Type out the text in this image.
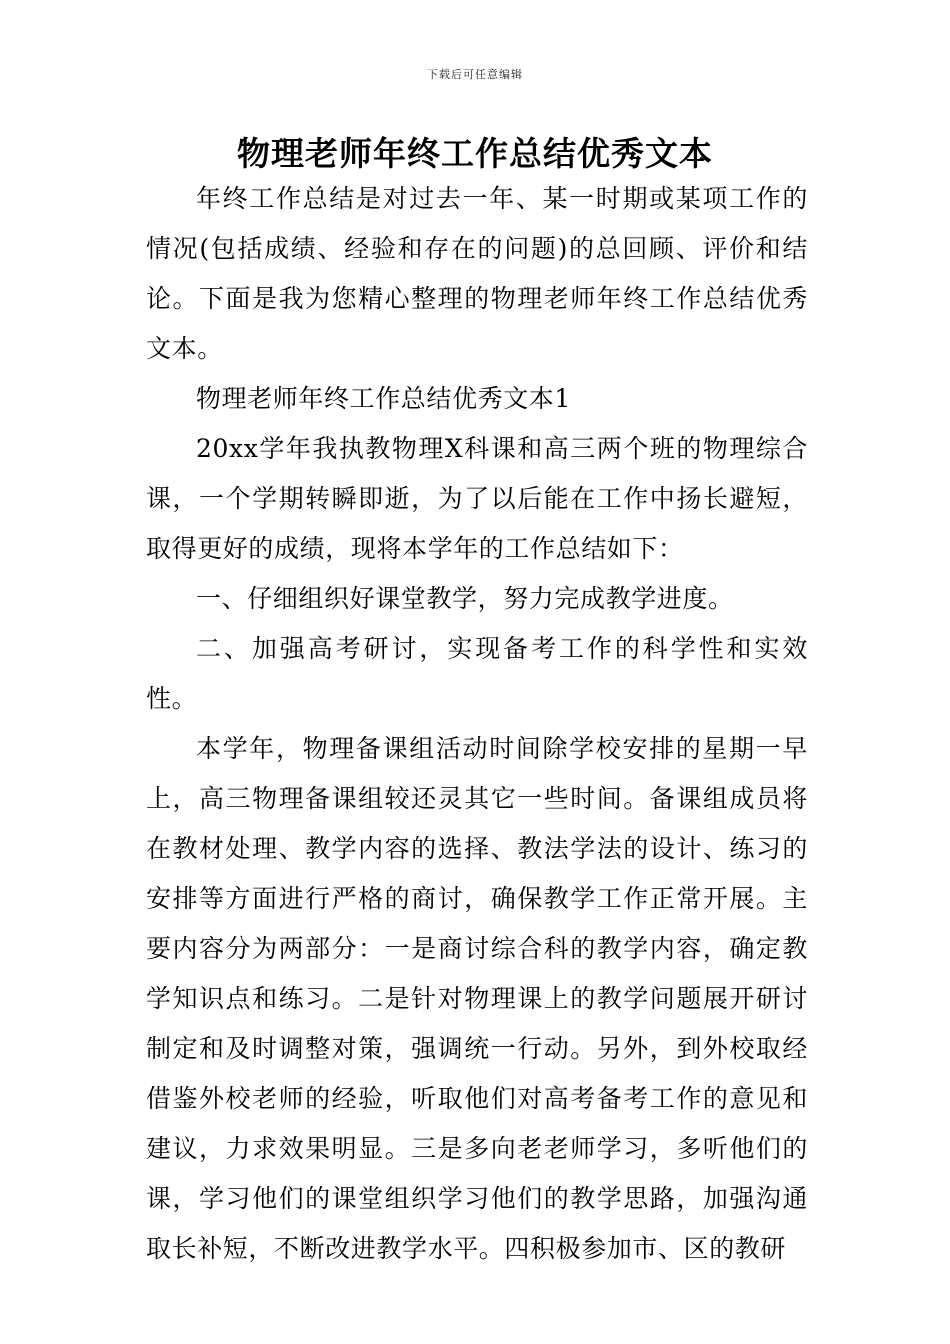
下载后可任意编辑
物理老师年终工作总结优秀文本

年终工作总结是对过去一年、某一时期或某项工作的情况(包括成绩、经验和存在的问题)的总回顾、评价和结论。下面是我为您精心整理的物理老师年终工作总结优秀文本。

物理老师年终工作总结优秀文本1

20xx学年我执教物理X科课和高三两个班的物理综合课，一个学期转瞬即逝，为了以后能在工作中扬长避短，取得更好的成绩，现将本学年的工作总结如下：

一、仔细组织好课堂教学，努力完成教学进度。

二、加强高考研讨，实现备考工作的科学性和实效性。

本学年，物理备课组活动时间除学校安排的星期一早上，高三物理备课组较还灵其它一些时间。备课组成员将在教材处理、教学内容的选择、教法学法的设计、练习的安排等方面进行严格的商讨，确保教学工作正常开展。主要内容分为两部分：一是商讨综合科的教学内容，确定教学知识点和练习。二是针对物理课上的教学问题展开研讨制定和及时调整对策，强调统一行动。另外，到外校取经借鉴外校老师的经验，听取他们对高考备考工作的意见和建议，力求效果明显。三是多向老老师学习，多听他们的课，学习他们的课堂组织学习他们的教学思路，加强沟通取长补短，不断改进教学水平。四积极参加市、区的教研
